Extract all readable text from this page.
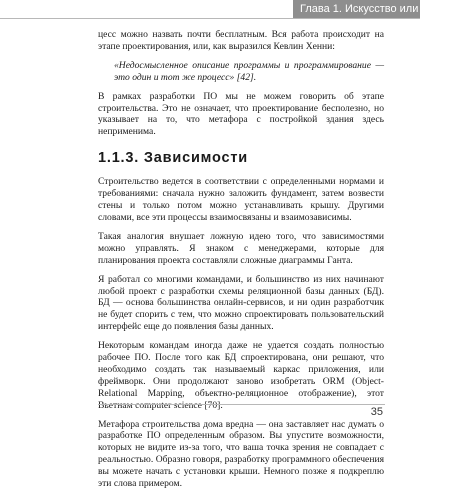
Глава 1. Искусство или наука?

цесс можно назвать почти бесплатным. Вся работа происходит на этапе проектирования, или, как выразился Кевлин Хенни:

«Недосмысленное описание программы и программирование — это один и тот же процесс» [42].

В рамках разработки ПО мы не можем говорить об этапе строительства. Это не означает, что проектирование бесполезно, но указывает на то, что метафора с постройкой здания здесь неприменима.

1.1.3. Зависимости

Строительство ведется в соответствии с определенными нормами и требованиями: сначала нужно заложить фундамент, затем возвести стены и только потом можно устанавливать крышу. Другими словами, все эти процессы взаимосвязаны и взаимозависимы.

Такая аналогия внушает ложную идею того, что зависимостями можно управлять. Я знаком с менеджерами, которые для планирования проекта составляли сложные диаграммы Ганта.

Я работал со многими командами, и большинство из них начинают любой проект с разработки схемы реляционной базы данных (БД). БД — основа большинства онлайн-сервисов, и ни один разработчик не будет спорить с тем, что можно спроектировать пользовательский интерфейс еще до появления базы данных.

Некоторым командам иногда даже не удается создать полностью рабочее ПО. После того как БД спроектирована, они решают, что необходимо создать так называемый каркас приложения, или фреймворк. Они продолжают заново изобретать ORM (Object-Relational Mapping, объектно-реляционное отображение), этот Вьетнам computer science [70].

Метафора строительства дома вредна — она заставляет нас думать о разработке ПО определенным образом. Вы упустите возможности, которых не видите из-за того, что ваша точка зрения не совпадает с реальностью. Образно говоря, разработку программного обеспечения вы можете начать с установки крыши. Немного позже я подкреплю эти слова примером.

35
